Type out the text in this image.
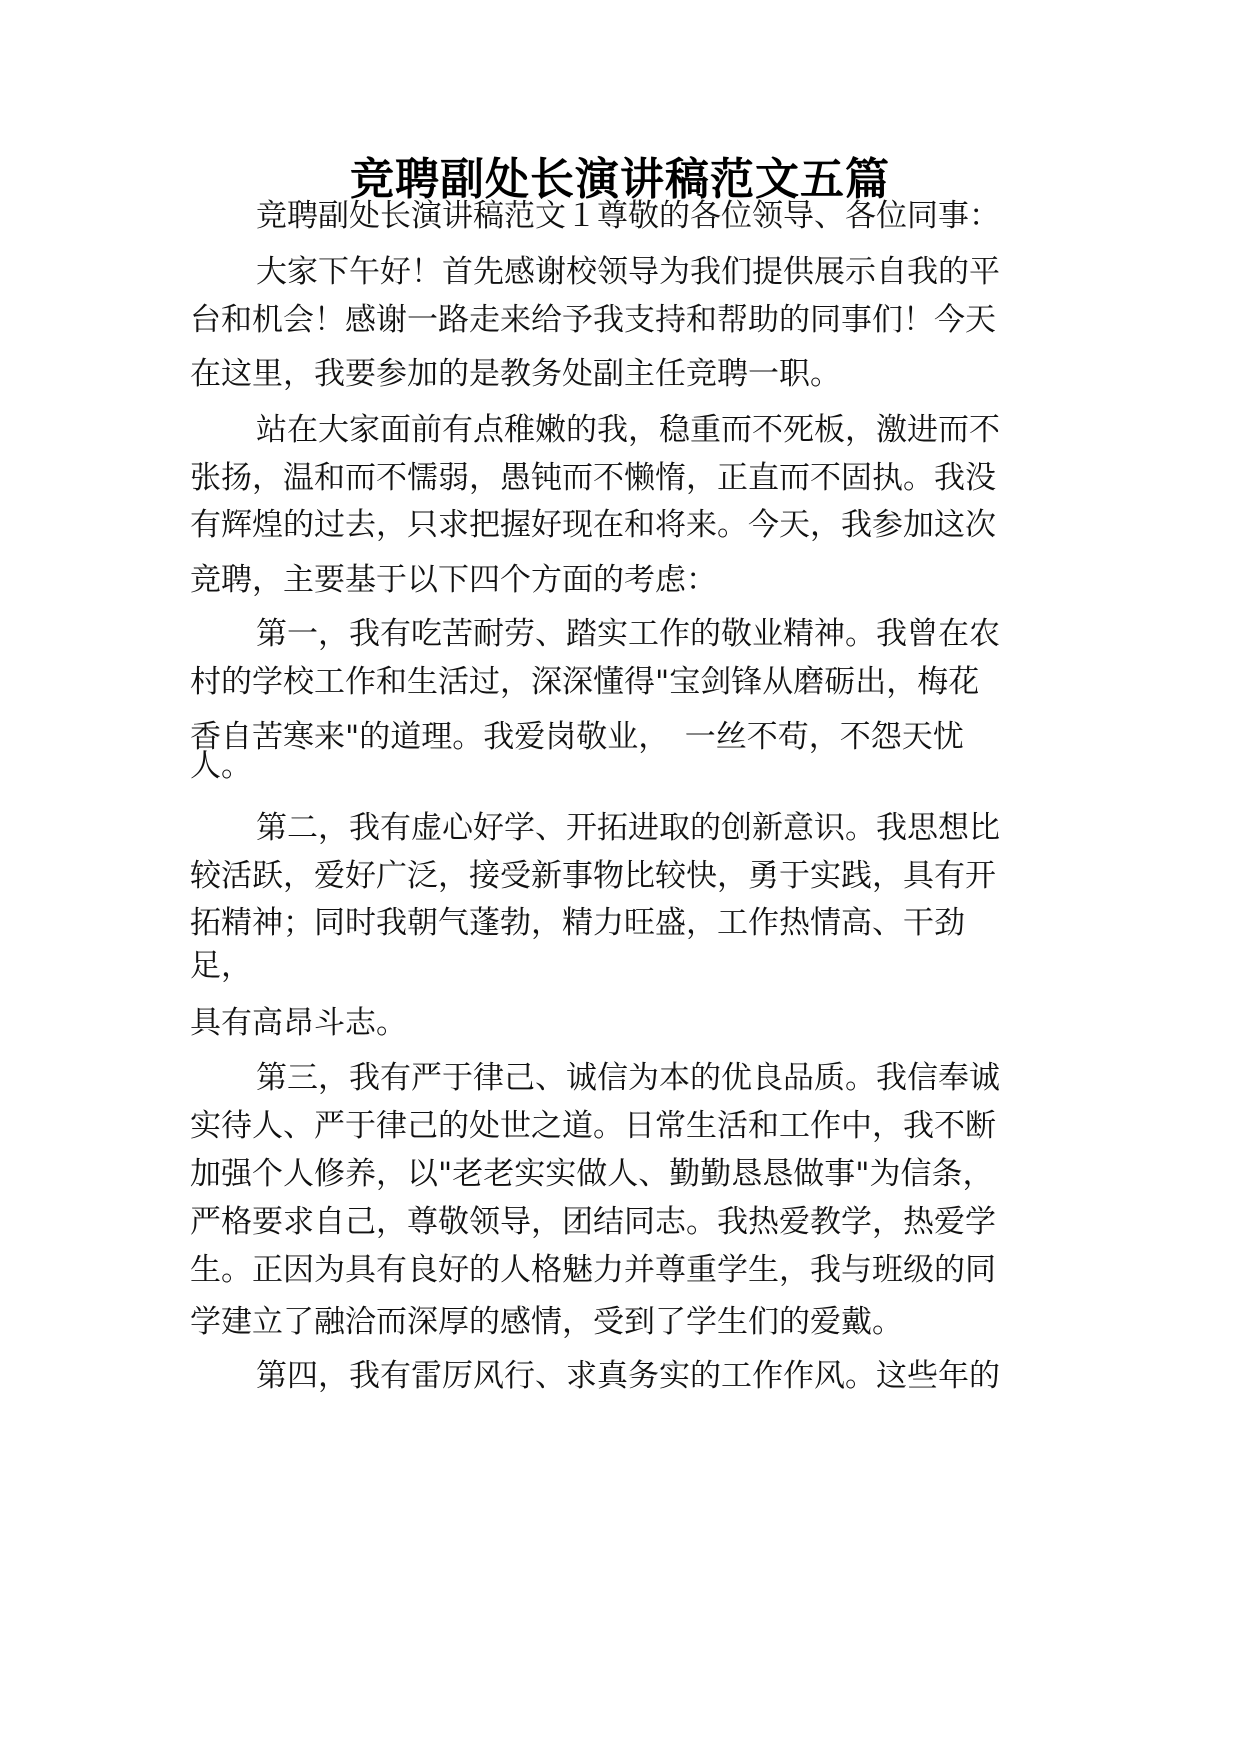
竞聘副处长演讲稿范文五篇
竞聘副处长演讲稿范文１尊敬的各位领导、各位同事：
大家下午好！首先感谢校领导为我们提供展示自我的平
台和机会！感谢一路走来给予我支持和帮助的同事们！今天
在这里，我要参加的是教务处副主任竞聘一职。
站在大家面前有点稚嫩的我，稳重而不死板，激进而不
张扬，温和而不懦弱，愚钝而不懒惰，正直而不固执。我没
有辉煌的过去，只求把握好现在和将来。今天，我参加这次
竞聘，主要基于以下四个方面的考虑：
第一，我有吃苦耐劳、踏实工作的敬业精神。我曾在农
村的学校工作和生活过，深深懂得"宝剑锋从磨砺出，梅花
香自苦寒来"的道理。我爱岗敬业，　一丝不苟，不怨天忧
人。
第二，我有虚心好学、开拓进取的创新意识。我思想比
较活跃，爱好广泛，接受新事物比较快，勇于实践，具有开
拓精神；同时我朝气蓬勃，精力旺盛，工作热情高、干劲
足，
具有高昂斗志。
第三，我有严于律己、诚信为本的优良品质。我信奉诚
实待人、严于律己的处世之道。日常生活和工作中，我不断
加强个人修养，以"老老实实做人、勤勤恳恳做事"为信条，
严格要求自己，尊敬领导，团结同志。我热爱教学，热爱学
生。正因为具有良好的人格魅力并尊重学生，我与班级的同
学建立了融洽而深厚的感情，受到了学生们的爱戴。
第四，我有雷厉风行、求真务实的工作作风。这些年的
